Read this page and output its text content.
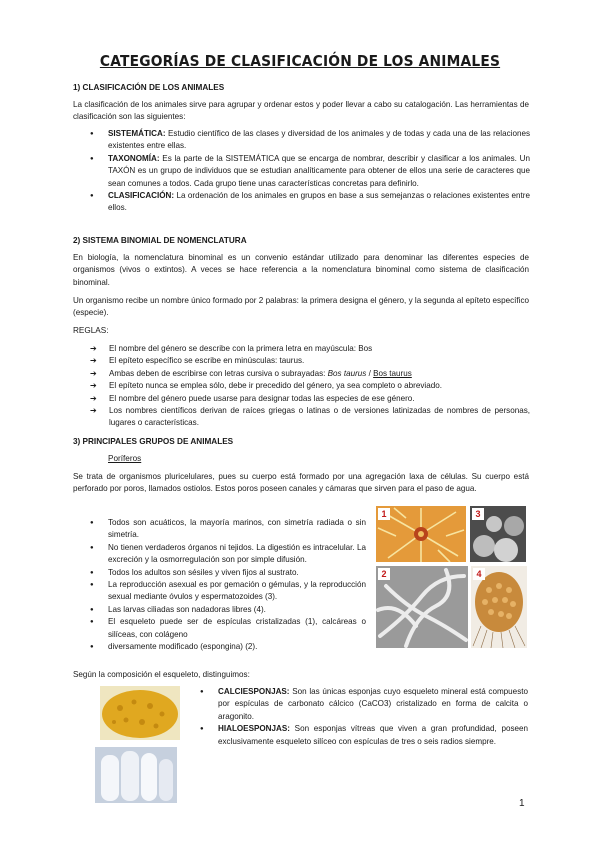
CATEGORÍAS DE CLASIFICACIÓN DE LOS ANIMALES
1) CLASIFICACIÓN DE LOS ANIMALES
La clasificación de los animales sirve para agrupar y ordenar estos y poder llevar a cabo su catalogación. Las herramientas de clasificación son las siguientes:
● SISTEMÁTICA: Estudio científico de las clases y diversidad de los animales y de todas y cada una de las relaciones existentes entre ellas.
● TAXONOMÍA: Es la parte de la SISTEMÁTICA que se encarga de nombrar, describir y clasificar a los animales. Un TAXÓN es un grupo de individuos que se estudian analíticamente para obtener de ellos una serie de caracteres que sean comunes a todos. Cada grupo tiene unas características concretas para definirlo.
● CLASIFICACIÓN: La ordenación de los animales en grupos en base a sus semejanzas o relaciones existentes entre ellos.
2) SISTEMA BINOMIAL DE NOMENCLATURA
En biología, la nomenclatura binominal es un convenio estándar utilizado para denominar las diferentes especies de organismos (vivos o extintos). A veces se hace referencia a la nomenclatura binominal como sistema de clasificación binominal.
Un organismo recibe un nombre único formado por 2 palabras: la primera designa el género, y la segunda al epíteto específico (especie).
REGLAS:
➔ El nombre del género se describe con la primera letra en mayúscula: Bos
➔ El epíteto específico se escribe en minúsculas: taurus.
➔ Ambas deben de escribirse con letras cursiva o subrayadas: Bos taurus / Bos taurus
➔ El epíteto nunca se emplea sólo, debe ir precedido del género, ya sea completo o abreviado.
➔ El nombre del género puede usarse para designar todas las especies de ese género.
➔ Los nombres científicos derivan de raíces griegas o latinas o de versiones latinizadas de nombres de personas, lugares o características.
3) PRINCIPALES GRUPOS DE ANIMALES
Poríferos
Se trata de organismos pluricelulares, pues su cuerpo está formado por una agregación laxa de células. Su cuerpo está perforado por poros, llamados ostiolos. Estos poros poseen canales y cámaras que sirven para el paso de agua.
● Todos son acuáticos, la mayoría marinos, con simetría radiada o sin simetría.
● No tienen verdaderos órganos ni tejidos. La digestión es intracelular. La excreción y la osmorregulación son por simple difusión.
● Todos los adultos son sésiles y viven fijos al sustrato.
● La reproducción asexual es por gemación o gémulas, y la reproducción sexual mediante óvulos y espermatozoides (3).
● Las larvas ciliadas son nadadoras libres (4).
● El esqueleto puede ser de espículas cristalizadas (1), calcáreas o silíceas, con colágeno
● diversamente modificado (espongina) (2).
1	3
2	4
Según la composición el esqueleto, distinguimos:
● CALCIESPONJAS: Son las únicas esponjas cuyo esqueleto mineral está compuesto por espículas de carbonato cálcico (CaCO3) cristalizado en forma de calcita o aragonito.
● HIALOESPONJAS: Son esponjas vítreas que viven a gran profundidad, poseen exclusivamente esqueleto silíceo con espículas de tres o seis radios siempre.
1
